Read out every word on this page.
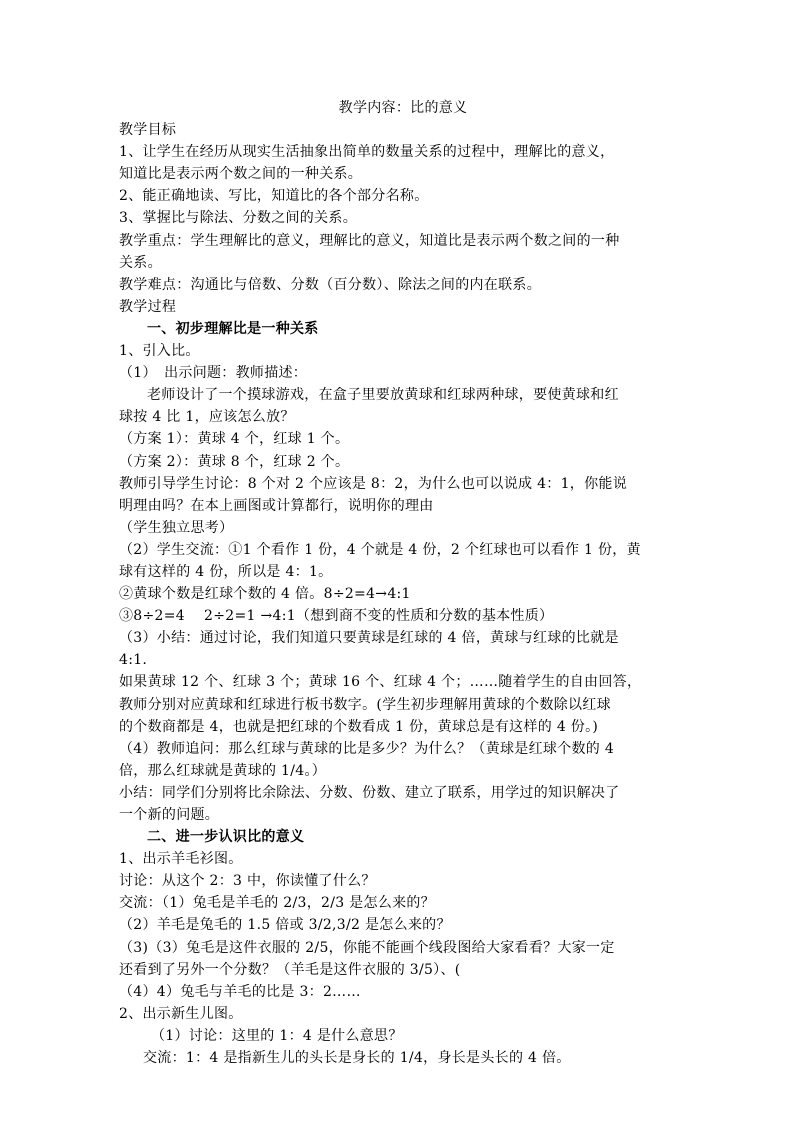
教学内容：比的意义
教学目标
1、让学生在经历从现实生活抽象出简单的数量关系的过程中，理解比的意义，
知道比是表示两个数之间的一种关系。
2、能正确地读、写比，知道比的各个部分名称。
3、掌握比与除法、分数之间的关系。
教学重点：学生理解比的意义，理解比的意义，知道比是表示两个数之间的一种
关系。
教学难点：沟通比与倍数、分数（百分数）、除法之间的内在联系。
教学过程
一、初步理解比是一种关系
1、引入比。
（1）　出示问题：教师描述：
老师设计了一个摸球游戏，在盒子里要放黄球和红球两种球，要使黄球和红
球按 4 比 1，应该怎么放？
（方案 1）：黄球 4 个，红球 1 个。
（方案 2）：黄球 8 个，红球 2 个。
教师引导学生讨论：8 个对 2 个应该是 8：2，为什么也可以说成 4：1，你能说
明理由吗？在本上画图或计算都行，说明你的理由
（学生独立思考）
（2）学生交流：①1 个看作 1 份，4 个就是 4 份，2 个红球也可以看作 1 份，黄
球有这样的 4 份，所以是 4：1。
②黄球个数是红球个数的 4 倍。8÷2=4→4:1
③8÷2=4　 2÷2=1 →4:1（想到商不变的性质和分数的基本性质）
（3）小结：通过讨论，我们知道只要黄球是红球的 4 倍，黄球与红球的比就是
4:1.
如果黄球 12 个、红球 3 个；黄球 16 个、红球 4 个；……随着学生的自由回答，
教师分别对应黄球和红球进行板书数字。(学生初步理解用黄球的个数除以红球
的个数商都是 4，也就是把红球的个数看成 1 份，黄球总是有这样的 4 份。)
（4）教师追问：那么红球与黄球的比是多少？为什么？（黄球是红球个数的 4
倍，那么红球就是黄球的 1/4。）
小结：同学们分别将比余除法、分数、份数、建立了联系，用学过的知识解决了
一个新的问题。
二、进一步认识比的意义
1、出示羊毛衫图。
讨论：从这个 2：3 中，你读懂了什么？
交流：（1）兔毛是羊毛的 2/3，2/3 是怎么来的？
（2）羊毛是兔毛的 1.5 倍或 3/2,3/2 是怎么来的？
（3)（3）兔毛是这件衣服的 2/5，你能不能画个线段图给大家看看？大家一定
还看到了另外一个分数？（羊毛是这件衣服的 3/5）、(
（4）4）兔毛与羊毛的比是 3：2……
2、出示新生儿图。
（1）讨论：这里的 1：4 是什么意思？
交流：1：4 是指新生儿的头长是身长的 1/4，身长是头长的 4 倍。
